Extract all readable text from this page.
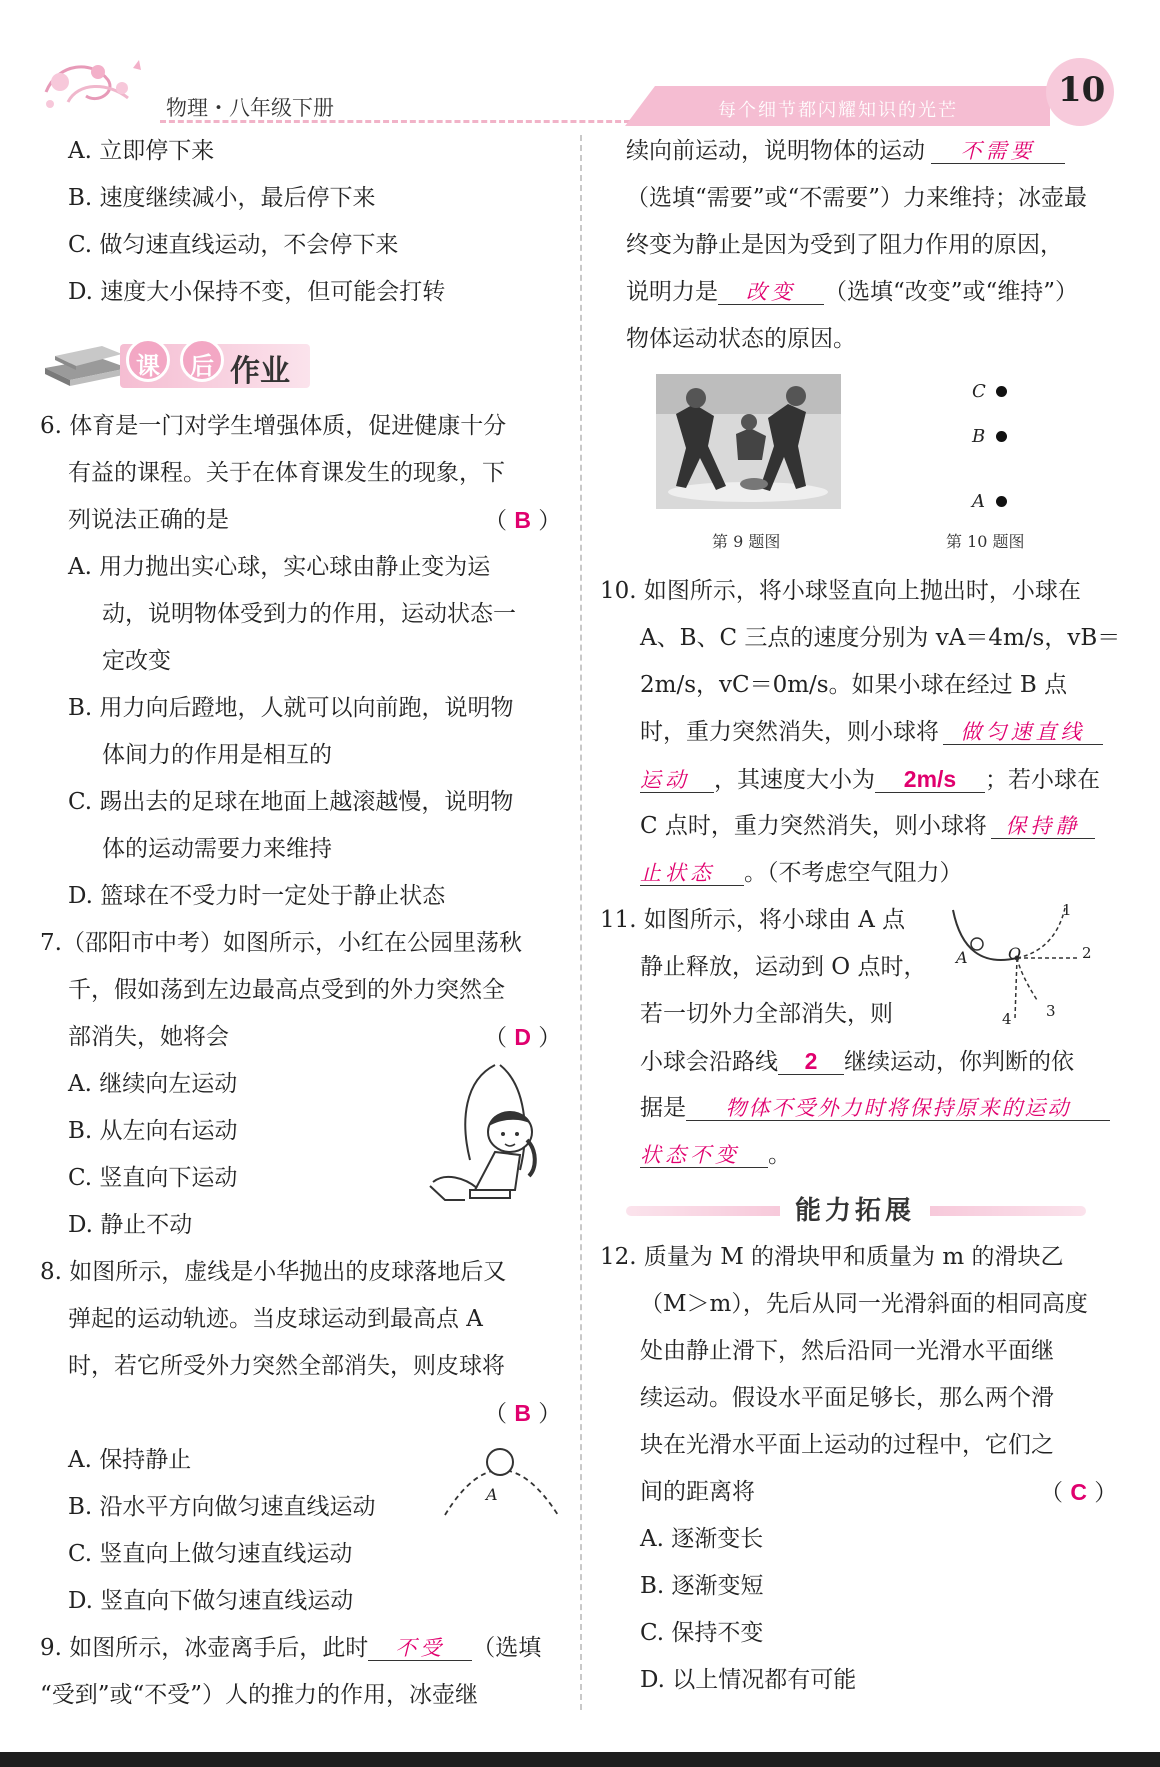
物理・八年级下册	每个细节都闪耀知识的光芒
10
A. 立即停下来
B. 速度继续减小，最后停下来
C. 做匀速直线运动，不会停下来
D. 速度大小保持不变，但可能会打转
课 后 作业
6. 体育是一门对学生增强体质，促进健康十分
有益的课程。关于在体育课发生的现象，下
列说法正确的是	（ B ）
A. 用力抛出实心球，实心球由静止变为运
动，说明物体受到力的作用，运动状态一
定改变
B. 用力向后蹬地，人就可以向前跑，说明物
体间力的作用是相互的
C. 踢出去的足球在地面上越滚越慢，说明物
体的运动需要力来维持
D. 篮球在不受力时一定处于静止状态
7.（邵阳市中考）如图所示，小红在公园里荡秋
千，假如荡到左边最高点受到的外力突然全
部消失，她将会	（ D ）
A. 继续向左运动
B. 从左向右运动
C. 竖直向下运动
D. 静止不动
8. 如图所示，虚线是小华抛出的皮球落地后又
弹起的运动轨迹。当皮球运动到最高点 A
时，若它所受外力突然全部消失，则皮球将
（ B ）
A. 保持静止
B. 沿水平方向做匀速直线运动
C. 竖直向上做匀速直线运动
D. 竖直向下做匀速直线运动
A
9. 如图所示，冰壶离手后，此时 不受 （选填
“受到”或“不受”）人的推力的作用，冰壶继
续向前运动，说明物体的运动 不需要
（选填“需要”或“不需要”）力来维持；冰壶最
终变为静止是因为受到了阻力作用的原因，
说明力是 改变 （选填“改变”或“维持”）
物体运动状态的原因。
第 9 题图
C
B
A
第 10 题图
10. 如图所示，将小球竖直向上抛出时，小球在
A、B、C 三点的速度分别为 vA＝4m/s，vB＝
2m/s，vC＝0m/s。如果小球在经过 B 点
时，重力突然消失，则小球将 做匀速直线
运动 ，其速度大小为 2m/s ；若小球在
C 点时，重力突然消失，则小球将 保持静
止状态 。（不考虑空气阻力）
11. 如图所示，将小球由 A 点
静止释放，运动到 O 点时，
若一切外力全部消失，则
小球会沿路线 2 继续运动，你判断的依
据是 物体不受外力时将保持原来的运动
状态不变 。
A	O
1
2
3
4
能力拓展
12. 质量为 M 的滑块甲和质量为 m 的滑块乙
（M＞m），先后从同一光滑斜面的相同高度
处由静止滑下，然后沿同一光滑水平面继
续运动。假设水平面足够长，那么两个滑
块在光滑水平面上运动的过程中，它们之
间的距离将	（ C ）
A. 逐渐变长
B. 逐渐变短
C. 保持不变
D. 以上情况都有可能
